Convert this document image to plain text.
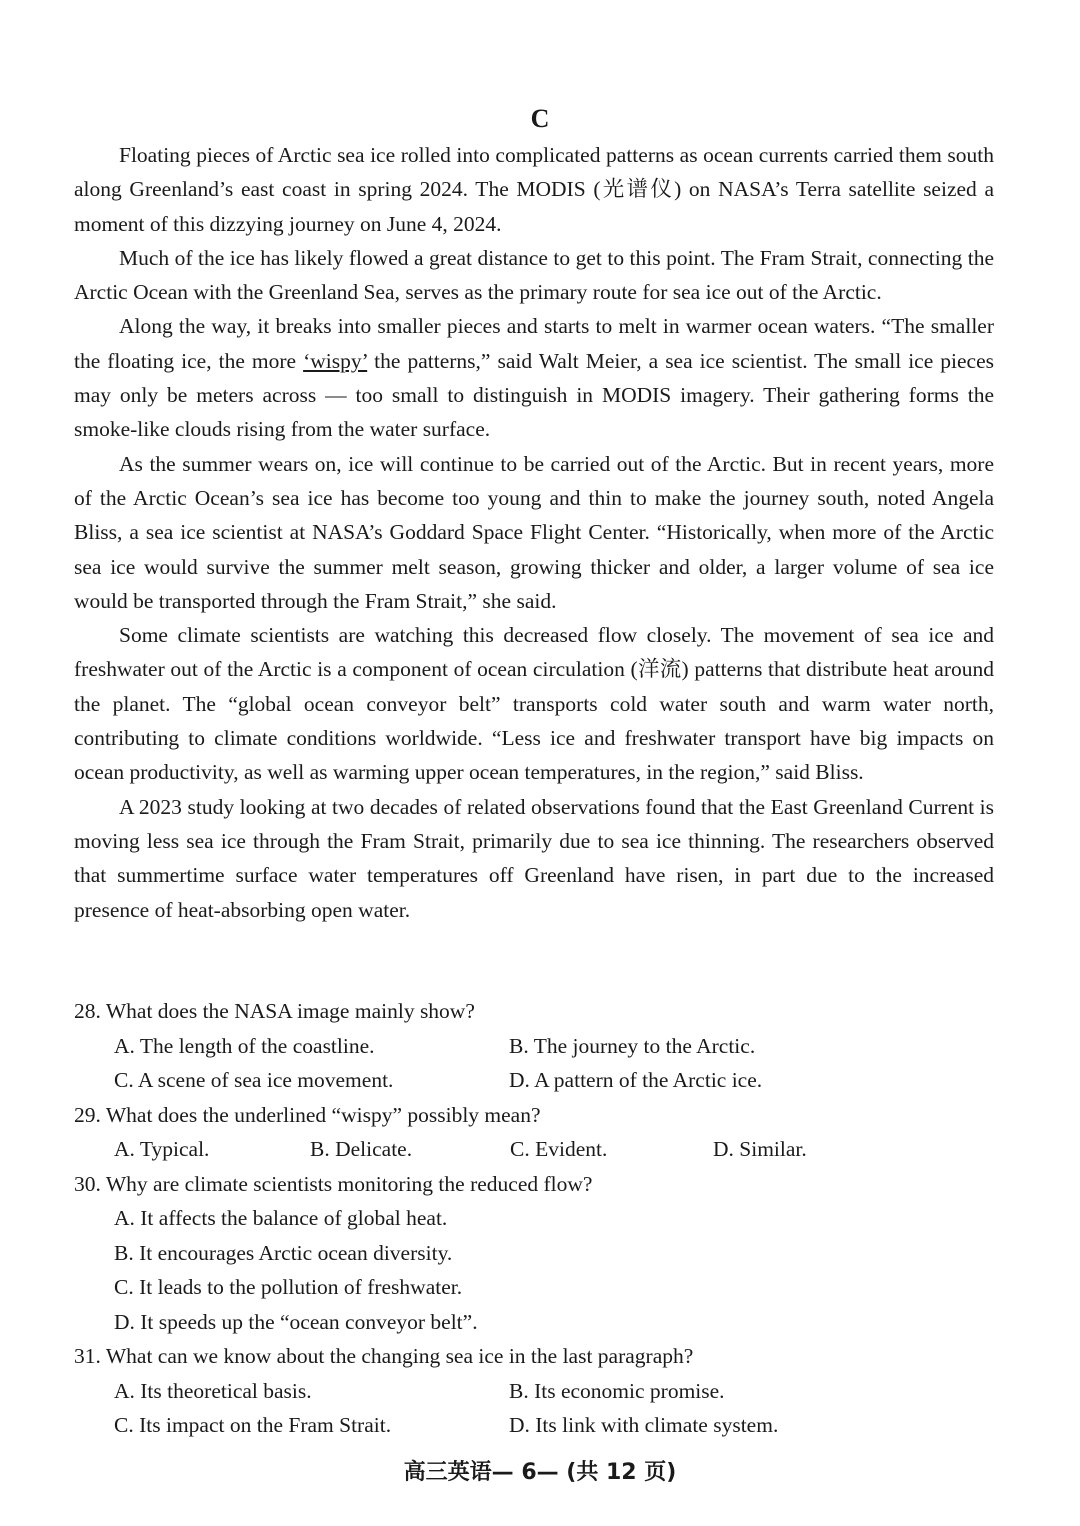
C

Floating pieces of Arctic sea ice rolled into complicated patterns as ocean currents carried them south along Greenland’s east coast in spring 2024. The MODIS (光谱仪) on NASA’s Terra satellite seized a moment of this dizzying journey on June 4, 2024.

Much of the ice has likely flowed a great distance to get to this point. The Fram Strait, connecting the Arctic Ocean with the Greenland Sea, serves as the primary route for sea ice out of the Arctic.

Along the way, it breaks into smaller pieces and starts to melt in warmer ocean waters. “The smaller the floating ice, the more ‘wispy’ the patterns,” said Walt Meier, a sea ice scientist. The small ice pieces may only be meters across — too small to distinguish in MODIS imagery. Their gathering forms the smoke-like clouds rising from the water surface.

As the summer wears on, ice will continue to be carried out of the Arctic. But in recent years, more of the Arctic Ocean’s sea ice has become too young and thin to make the journey south, noted Angela Bliss, a sea ice scientist at NASA’s Goddard Space Flight Center. “Historically, when more of the Arctic sea ice would survive the summer melt season, growing thicker and older, a larger volume of sea ice would be transported through the Fram Strait,” she said.

Some climate scientists are watching this decreased flow closely. The movement of sea ice and freshwater out of the Arctic is a component of ocean circulation (洋流) patterns that distribute heat around the planet. The “global ocean conveyor belt” transports cold water south and warm water north, contributing to climate conditions worldwide. “Less ice and freshwater transport have big impacts on ocean productivity, as well as warming upper ocean temperatures, in the region,” said Bliss.

A 2023 study looking at two decades of related observations found that the East Greenland Current is moving less sea ice through the Fram Strait, primarily due to sea ice thinning. The researchers observed that summertime surface water temperatures off Greenland have risen, in part due to the increased presence of heat-absorbing open water.

28. What does the NASA image mainly show?

A. The length of the coastline.	B. The journey to the Arctic.
C. A scene of sea ice movement.	D. A pattern of the Arctic ice.

29. What does the underlined “wispy” possibly mean?

A. Typical.	B. Delicate.	C. Evident.	D. Similar.

30. Why are climate scientists monitoring the reduced flow?

A. It affects the balance of global heat.
B. It encourages Arctic ocean diversity.
C. It leads to the pollution of freshwater.
D. It speeds up the “ocean conveyor belt”.

31. What can we know about the changing sea ice in the last paragraph?

A. Its theoretical basis.	B. Its economic promise.
C. Its impact on the Fram Strait.	D. Its link with climate system.
高三英语— 6— (共 12 页)
